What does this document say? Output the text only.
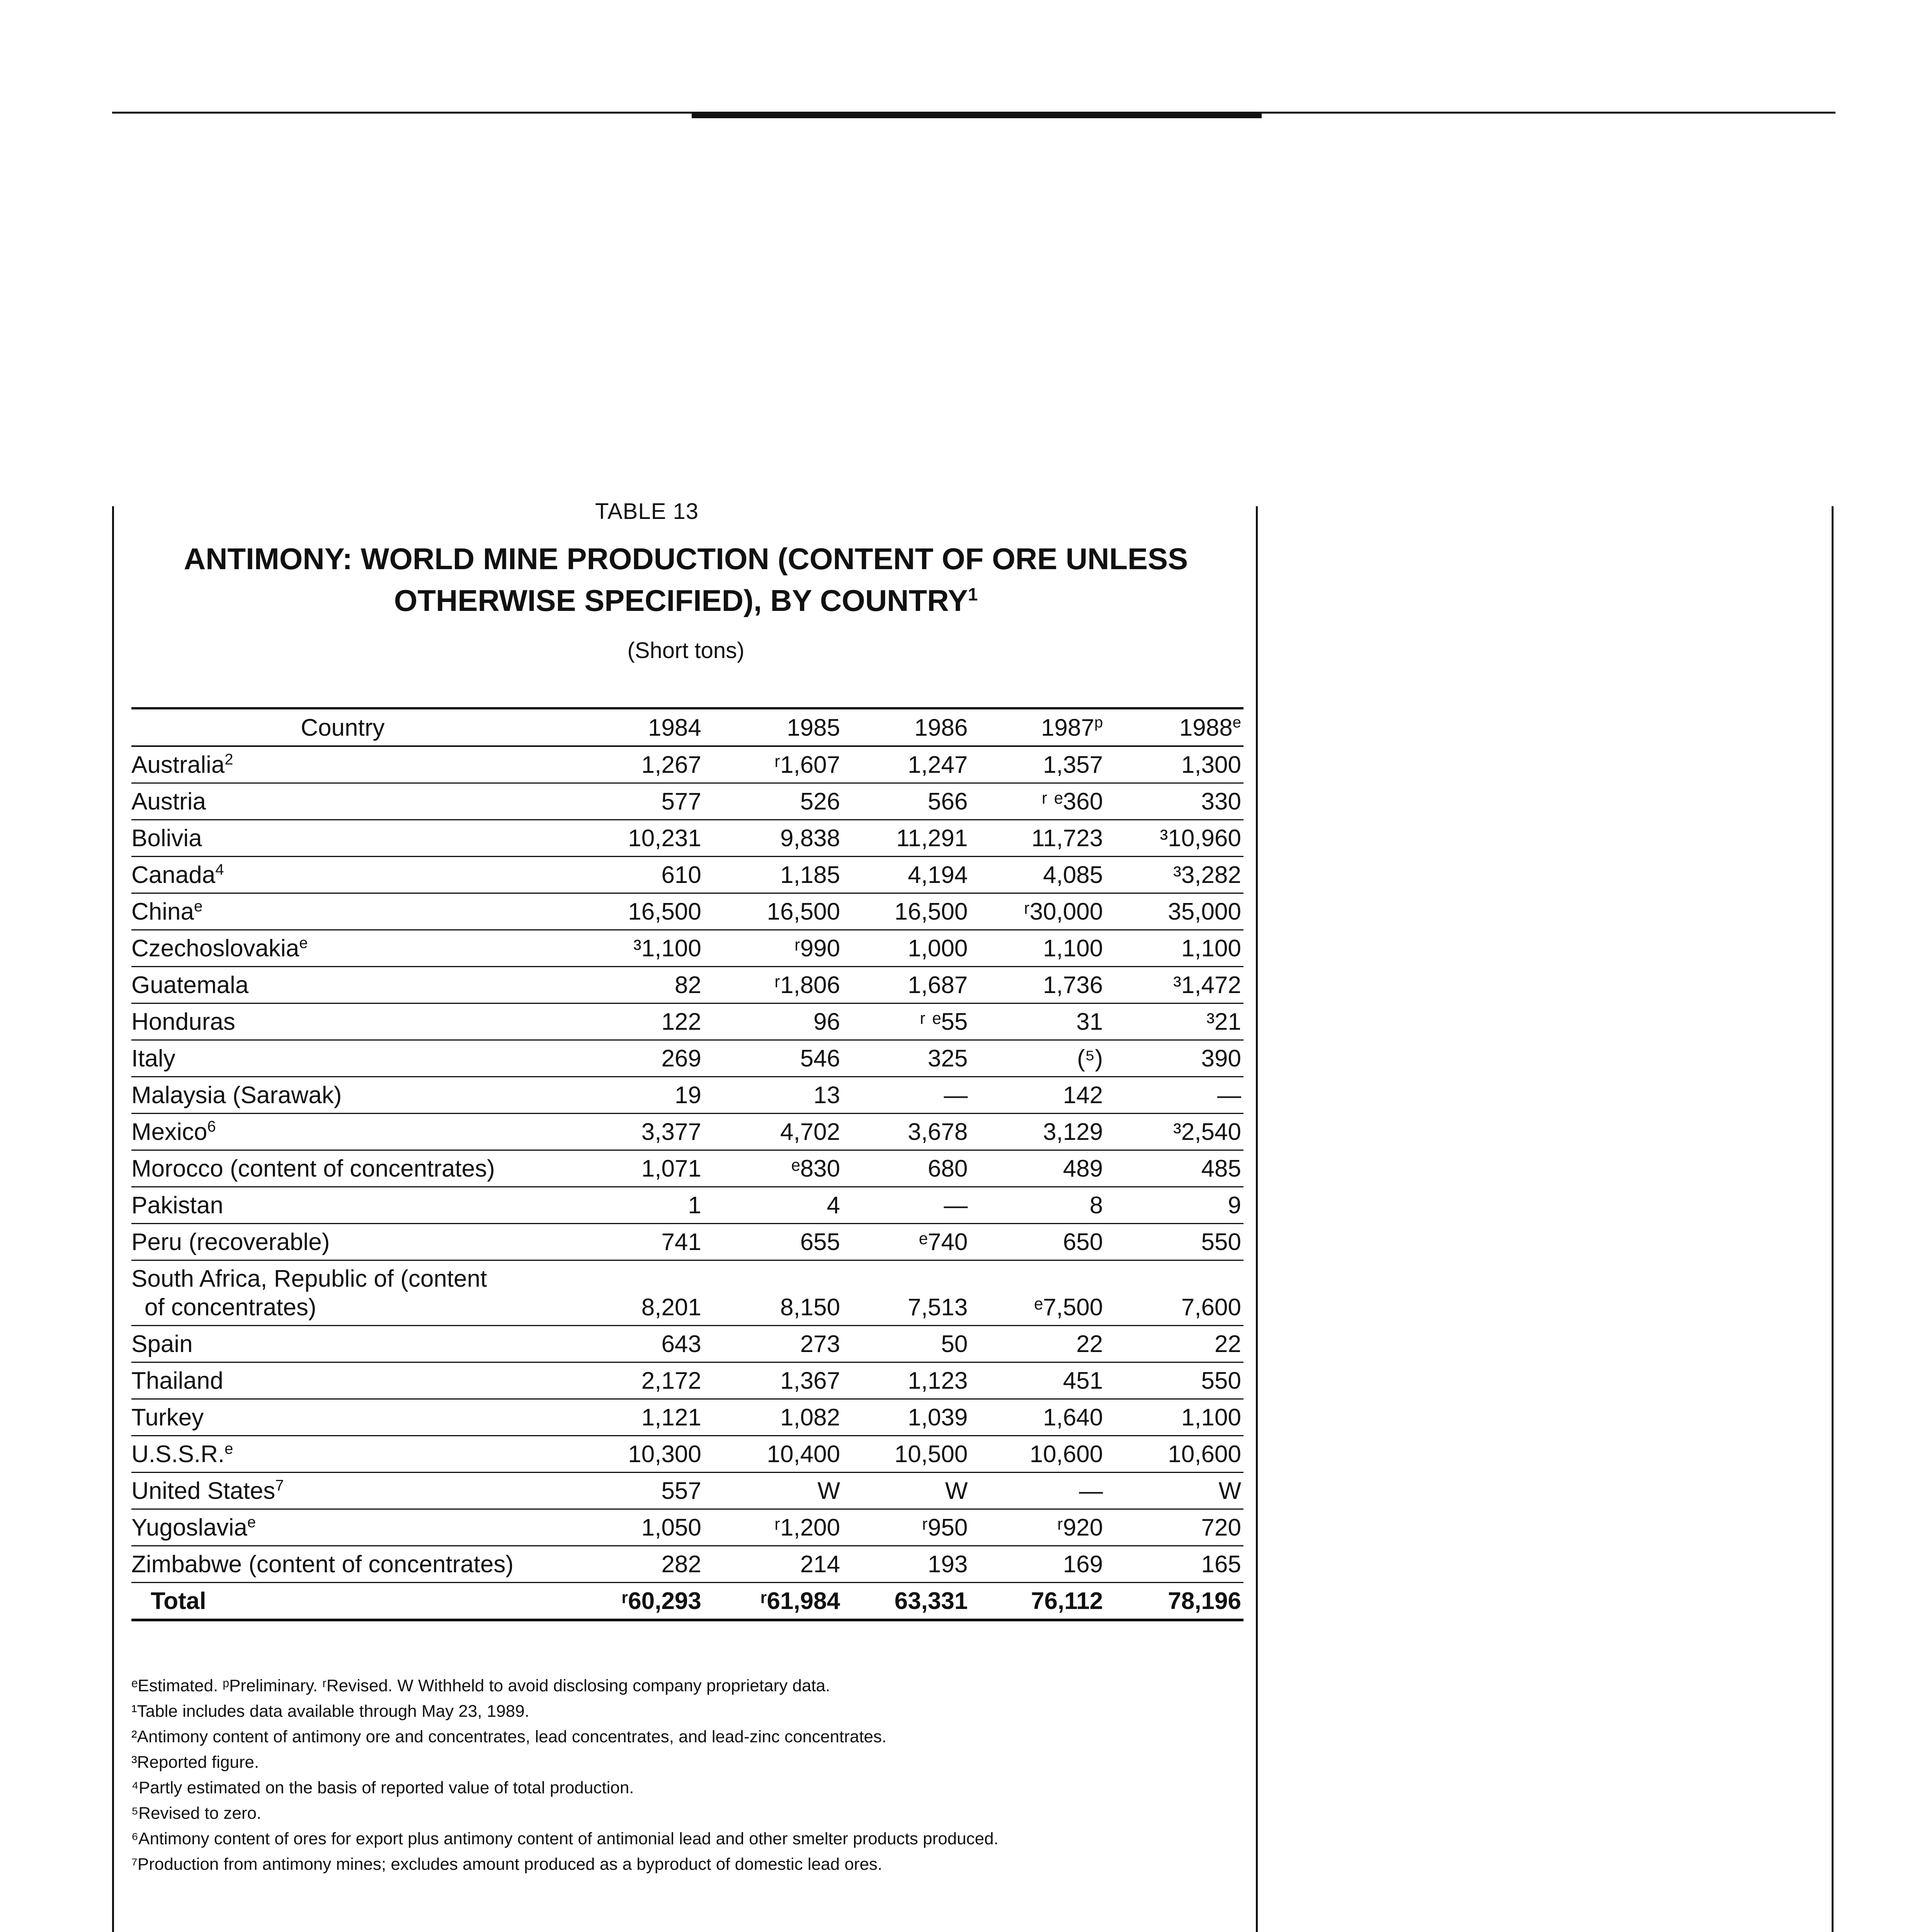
TABLE 13
ANTIMONY: WORLD MINE PRODUCTION (CONTENT OF ORE UNLESS
OTHERWISE SPECIFIED), BY COUNTRY$^1$
(Short tons)
Country	1984	1985	1986	1987$^p$	1988e
Australia$^2$	1,267	ʳ1,607	1,247	1,357	1,300
Austria	577	526	566	ʳ ᵉ360	330
Bolivia	10,231	9,838	11,291	11,723	³10,960
Canada$^4$	610	1,185	4,194	4,085	³3,282
China$^e$	16,500	16,500	16,500	ʳ30,000	35,000
Czechoslovakia$^e$	³1,100	ʳ990	1,000	1,100	1,100
Guatemala	82	ʳ1,806	1,687	1,736	³1,472
Honduras	122	96	ʳ ᵉ55	31	³21
Italy	269	546	325	(⁵)	390
Malaysia (Sarawak)	19	13	—	142	—
Mexico$^6$	3,377	4,702	3,678	3,129	³2,540
Morocco (content of concentrates)	1,071	ᵉ830	680	489	485
Pakistan	1	4	—	8	9
Peru (recoverable)	741	655	ᵉ740	650	550
South Africa, Republic of (content
of concentrates)	8,201	8,150	7,513	ᵉ7,500	7,600
Spain	643	273	50	22	22
Thailand	2,172	1,367	1,123	451	550
Turkey	1,121	1,082	1,039	1,640	1,100
U.S.S.R.$^e$	10,300	10,400	10,500	10,600	10,600
United States$^7$	557	W	W	—	W
Yugoslavia$^e$	1,050	ʳ1,200	ʳ950	ʳ920	720
Zimbabwe (content of concentrates)	282	214	193	169	165
Total	ʳ60,293	ʳ61,984	63,331	76,112	78,196
ᵉEstimated. ᵖPreliminary. ʳRevised. W Withheld to avoid disclosing company proprietary data.
¹Table includes data available through May 23, 1989.
²Antimony content of antimony ore and concentrates, lead concentrates, and lead-zinc concentrates.
³Reported figure.
⁴Partly estimated on the basis of reported value of total production.
⁵Revised to zero.
⁶Antimony content of ores for export plus antimony content of antimonial lead and other smelter products produced.
⁷Production from antimony mines; excludes amount produced as a byproduct of domestic lead ores.
